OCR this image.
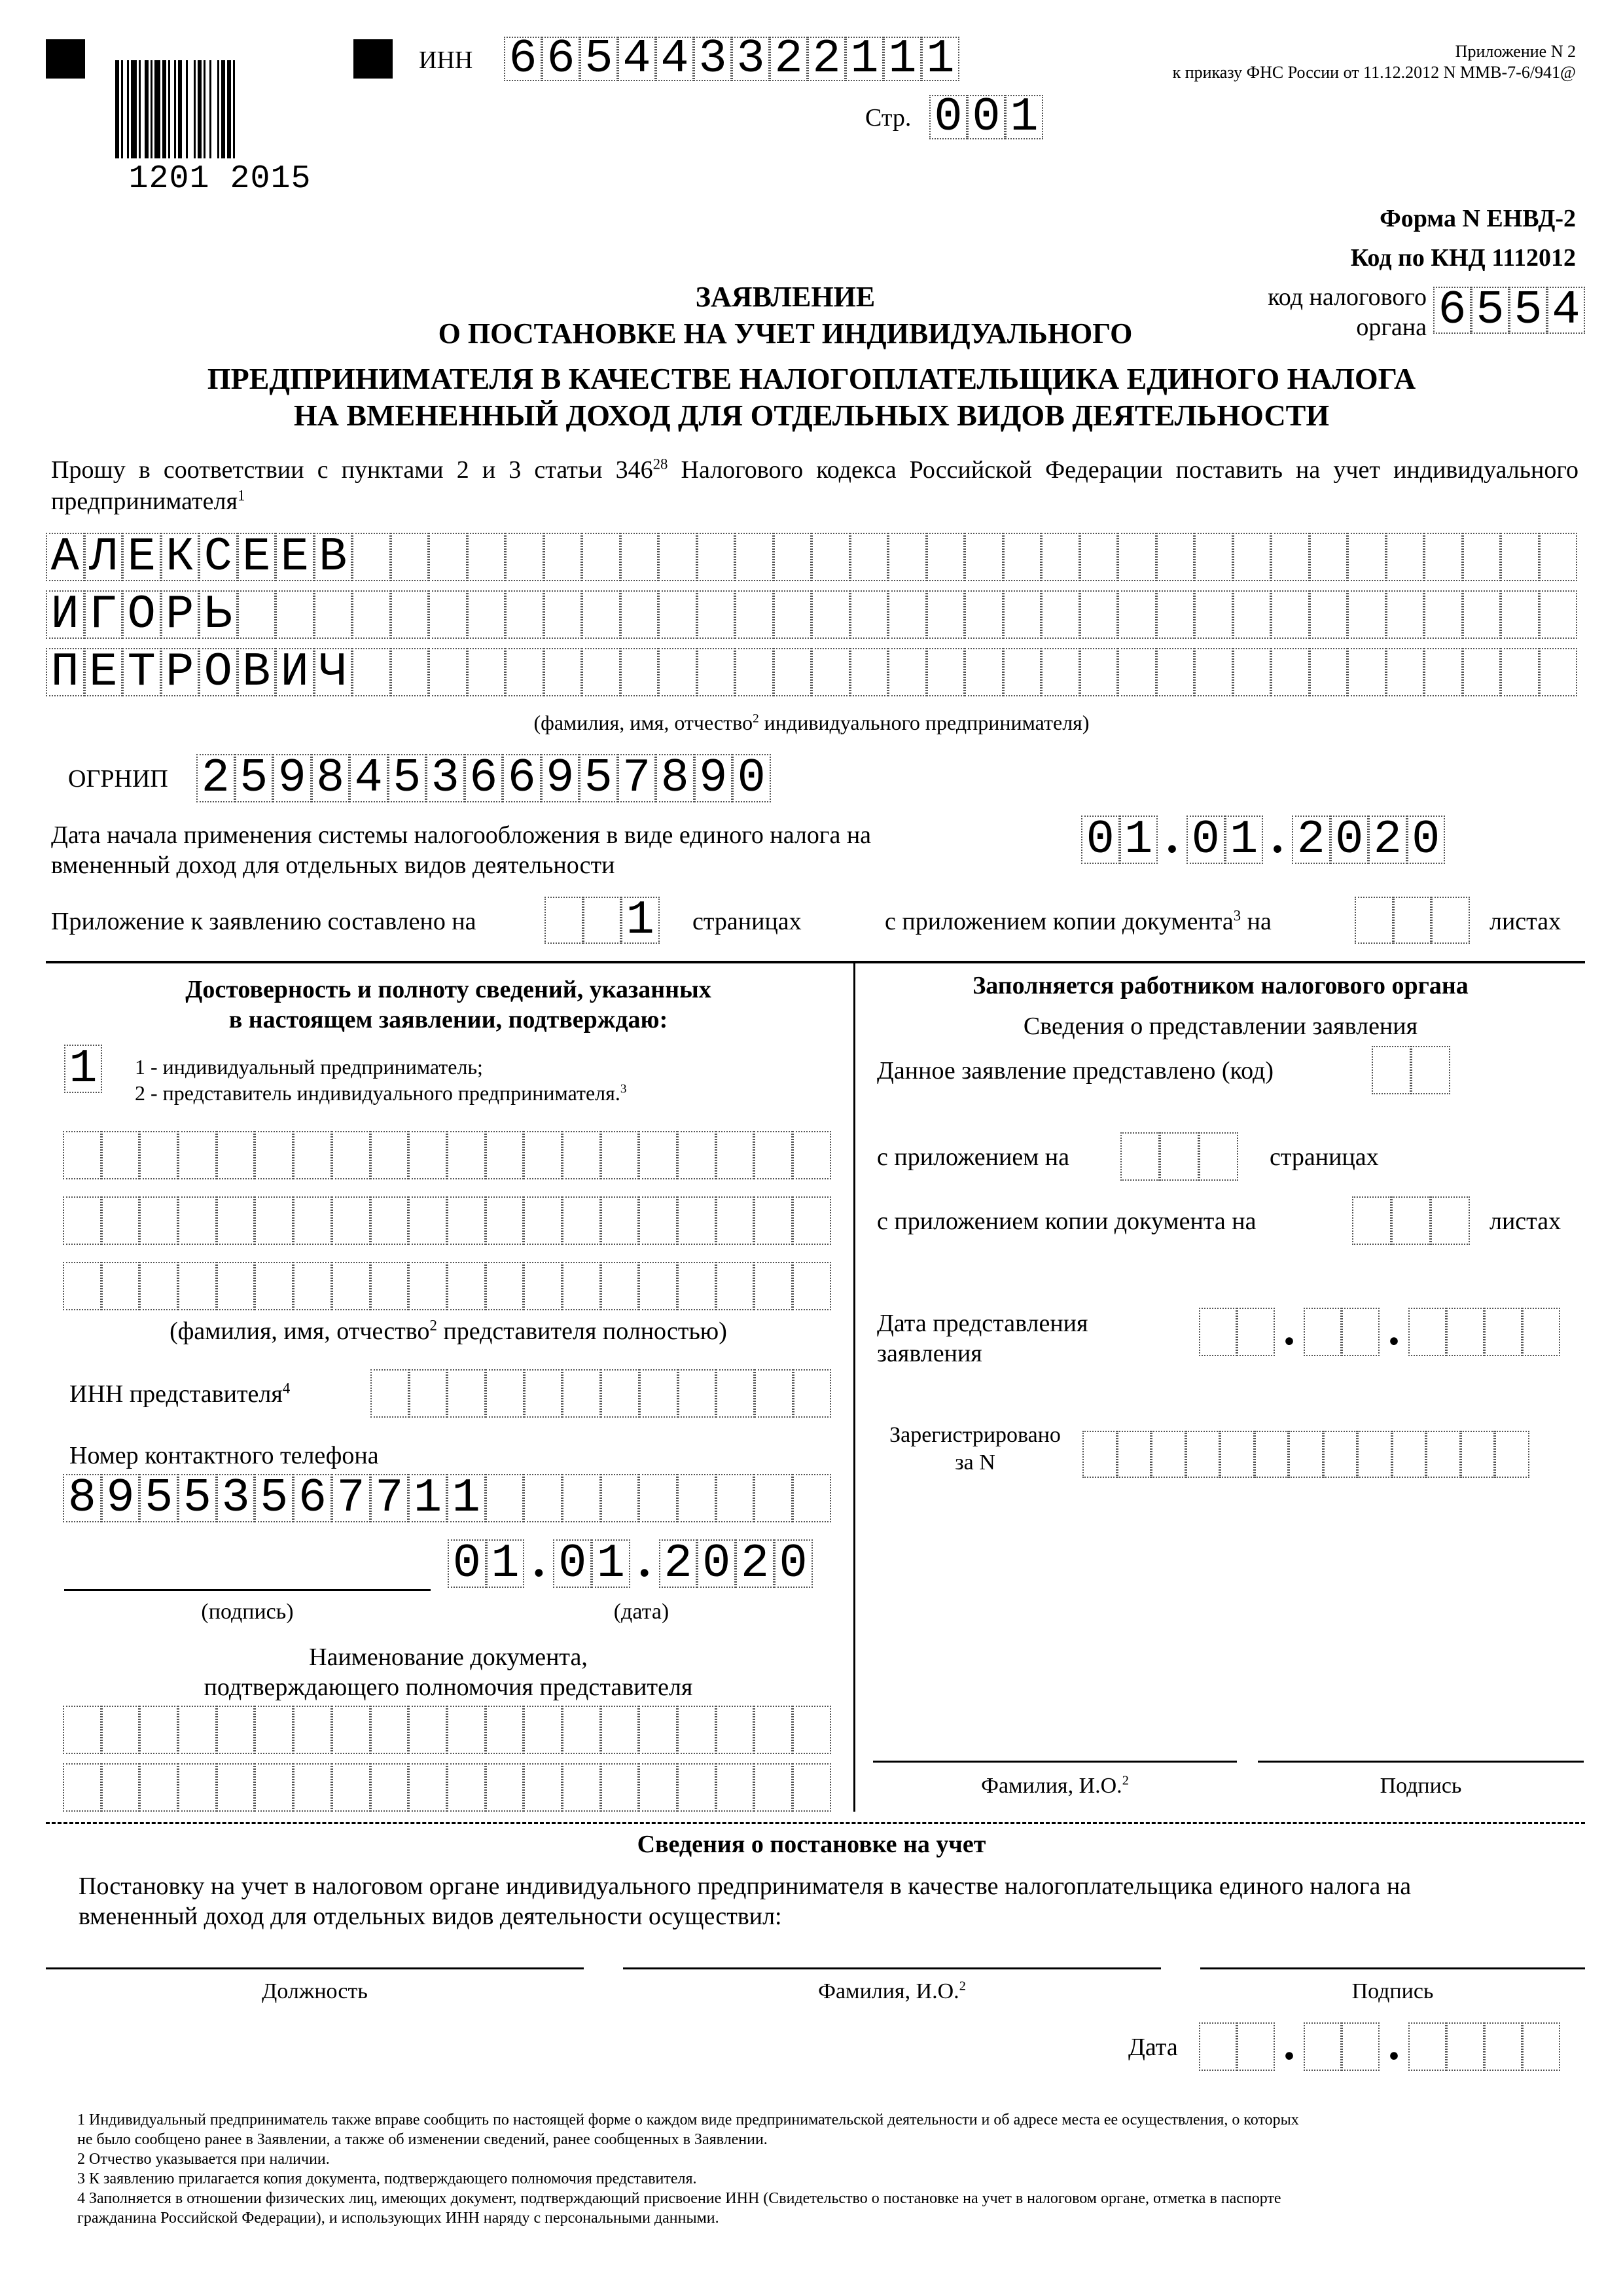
1201 2015
ИНН 6 6 5 4 4 3 3 2 2 1 1 1
Стр. 0 0 1
Приложение N 2
к приказу ФНС России от 11.12.2012 N ММВ-7-6/941@
Форма N ЕНВД-2
Код по КНД 1112012
код налогового
органа 6 5 5 4
ЗАЯВЛЕНИЕ
О ПОСТАНОВКЕ НА УЧЕТ ИНДИВИДУАЛЬНОГО
ПРЕДПРИНИМАТЕЛЯ В КАЧЕСТВЕ НАЛОГОПЛАТЕЛЬЩИКА ЕДИНОГО НАЛОГА
НА ВМЕНЕННЫЙ ДОХОД ДЛЯ ОТДЕЛЬНЫХ ВИДОВ ДЕЯТЕЛЬНОСТИ
Прошу в соответствии с пунктами 2 и 3 статьи $346^{28}$ Налогового кодекса Российской Федерации поставить на учет индивидуального предпринимателя$^1$
А Л Е К С Е Е В
И Г О Р Ь
П Е Т Р О В И Ч
(фамилия, имя, отчество$^2$ индивидуального предпринимателя)
ОГРНИП 2 5 9 8 4 5 3 6 6 9 5 7 8 9 0
Дата начала применения системы налогообложения в виде единого налога на
вмененный доход для отдельных видов деятельности	0 1 . 0 1 . 2 0 2 0
Приложение к заявлению составлено на	1 страницах	с приложением копии документа$^3$ на	листах
Достоверность и полноту сведений, указанных
в настоящем заявлении, подтверждаю:
1 1 - индивидуальный предприниматель;
2 - представитель индивидуального предпринимателя.$^3$
(фамилия, имя, отчество$^2$ представителя полностью)
ИНН представителя$^4$
Номер контактного телефона
8 9 5 5 3 5 6 7 7 1 1
0 1 . 0 1 . 2 0 2 0
(подпись)	(дата)
Наименование документа,
подтверждающего полномочия представителя
Заполняется работником налогового органа
Сведения о представлении заявления
Данное заявление представлено (код)
с приложением на	страницах
с приложением копии документа на	листах
Дата представления
заявления	. .
Зарегистрировано
за N
Фамилия, И.О.$^2$	Подпись
Сведения о постановке на учет
Постановку на учет в налоговом органе индивидуального предпринимателя в качестве налогоплательщика единого налога на
вмененный доход для отдельных видов деятельности осуществил:
Должность	Фамилия, И.О.$^2$	Подпись
Дата . .
1 Индивидуальный предприниматель также вправе сообщить по настоящей форме о каждом виде предпринимательской деятельности и об адресе места ее осуществления, о которых
не было сообщено ранее в Заявлении, а также об изменении сведений, ранее сообщенных в Заявлении.
2 Отчество указывается при наличии.
3 К заявлению прилагается копия документа, подтверждающего полномочия представителя.
4 Заполняется в отношении физических лиц, имеющих документ, подтверждающий присвоение ИНН (Свидетельство о постановке на учет в налоговом органе, отметка в паспорте
гражданина Российской Федерации), и использующих ИНН наряду с персональными данными.
